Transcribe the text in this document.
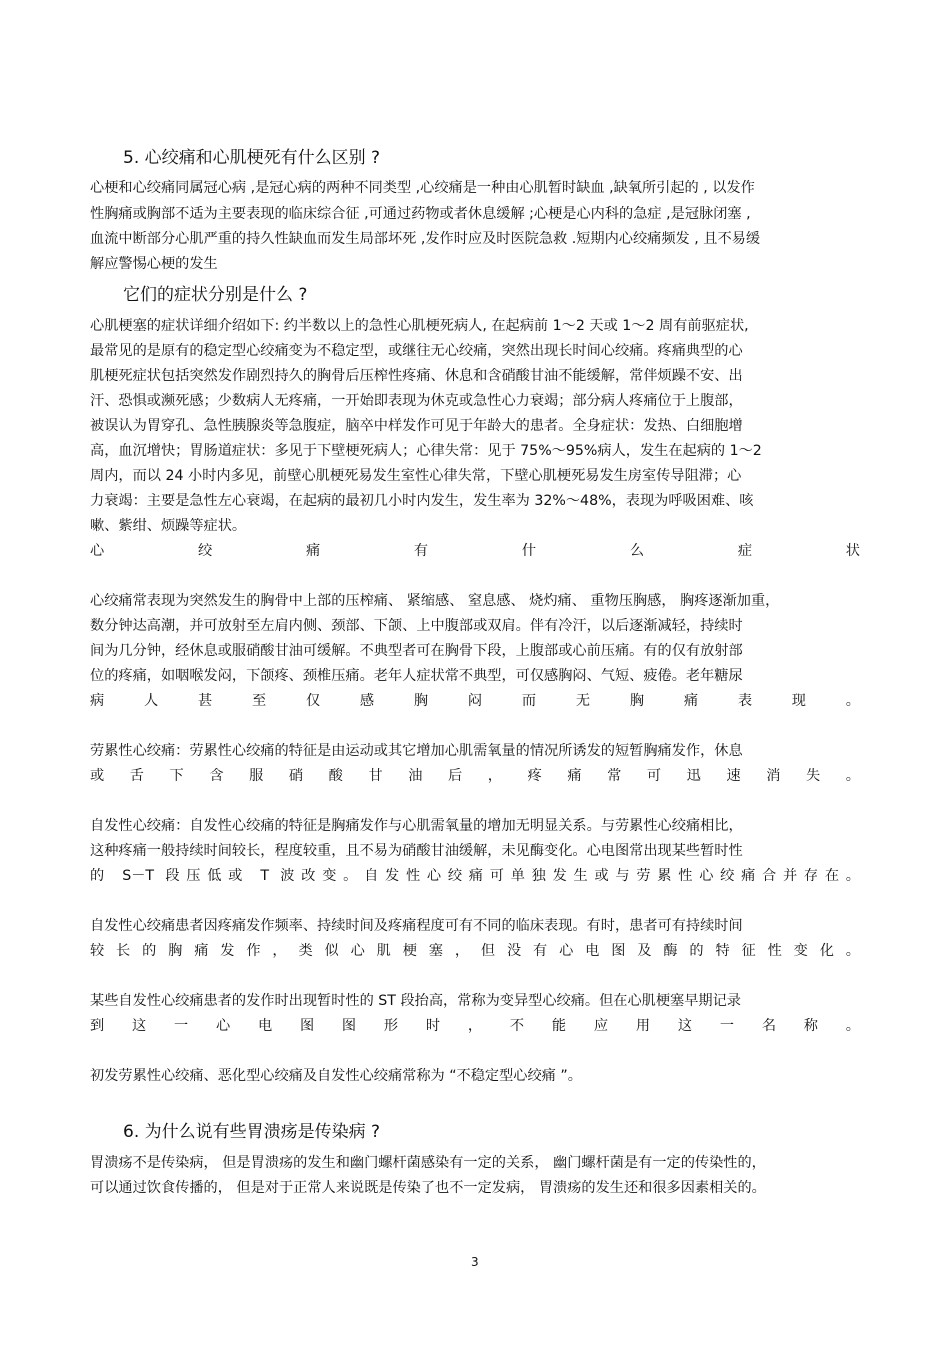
5. 心绞痛和心肌梗死有什么区别 ?
心梗和心绞痛同属冠心病 ,是冠心病的两种不同类型 ,心绞痛是一种由心肌暂时缺血 ,缺氧所引起的 , 以发作
性胸痛或胸部不适为主要表现的临床综合征 ,可通过药物或者休息缓解 ;心梗是心内科的急症 ,是冠脉闭塞 ,
血流中断部分心肌严重的持久性缺血而发生局部坏死 ,发作时应及时医院急救 .短期内心绞痛频发 , 且不易缓
解应警惕心梗的发生
它们的症状分别是什么 ?
心肌梗塞的症状详细介绍如下: 约半数以上的急性心肌梗死病人, 在起病前 1～2 天或 1～2 周有前驱症状,
最常见的是原有的稳定型心绞痛变为不稳定型，或继往无心绞痛，突然出现长时间心绞痛。疼痛典型的心
肌梗死症状包括突然发作剧烈持久的胸骨后压榨性疼痛、休息和含硝酸甘油不能缓解，常伴烦躁不安、出
汗、恐惧或濒死感；少数病人无疼痛，一开始即表现为休克或急性心力衰竭；部分病人疼痛位于上腹部，
被误认为胃穿孔、急性胰腺炎等急腹症，脑卒中样发作可见于年龄大的患者。全身症状：发热、白细胞增
高，血沉增快；胃肠道症状：多见于下壁梗死病人；心律失常：见于 75%～95%病人，发生在起病的 1～2
周内，而以 24 小时内多见，前壁心肌梗死易发生室性心律失常，下壁心肌梗死易发生房室传导阻滞；心
力衰竭：主要是急性左心衰竭，在起病的最初几小时内发生，发生率为 32%～48%，表现为呼吸困难、咳
嗽、紫绀、烦躁等症状。
心绞痛有什么症状
心绞痛常表现为突然发生的胸骨中上部的压榨痛、 紧缩感、 窒息感、 烧灼痛、 重物压胸感， 胸疼逐渐加重，
数分钟达高潮，并可放射至左肩内侧、颈部、下颌、上中腹部或双肩。伴有冷汗，以后逐渐减轻，持续时
间为几分钟，经休息或服硝酸甘油可缓解。不典型者可在胸骨下段，上腹部或心前压痛。有的仅有放射部
位的疼痛，如咽喉发闷，下颌疼、颈椎压痛。老年人症状常不典型，可仅感胸闷、气短、疲倦。老年糖尿
病人甚至仅感胸闷而无胸痛表现。
劳累性心绞痛：劳累性心绞痛的特征是由运动或其它增加心肌需氧量的情况所诱发的短暂胸痛发作，休息
或舌下含服硝酸甘油后，疼痛常可迅速消失。
自发性心绞痛：自发性心绞痛的特征是胸痛发作与心肌需氧量的增加无明显关系。与劳累性心绞痛相比，
这种疼痛一般持续时间较长，程度较重，且不易为硝酸甘油缓解，未见酶变化。心电图常出现某些暂时性
的 S－T 段压低或 T 波改变。自发性心绞痛可单独发生或与劳累性心绞痛合并存在。
自发性心绞痛患者因疼痛发作频率、持续时间及疼痛程度可有不同的临床表现。有时，患者可有持续时间
较长的胸痛发作，类似心肌梗塞，但没有心电图及酶的特征性变化。
某些自发性心绞痛患者的发作时出现暂时性的 ST 段抬高，常称为变异型心绞痛。但在心肌梗塞早期记录
到这一心电图图形时，不能应用这一名称。
初发劳累性心绞痛、恶化型心绞痛及自发性心绞痛常称为 “不稳定型心绞痛 ”。
6. 为什么说有些胃溃疡是传染病 ?
胃溃疡不是传染病， 但是胃溃疡的发生和幽门螺杆菌感染有一定的关系， 幽门螺杆菌是有一定的传染性的，
可以通过饮食传播的， 但是对于正常人来说既是传染了也不一定发病， 胃溃疡的发生还和很多因素相关的。
3
